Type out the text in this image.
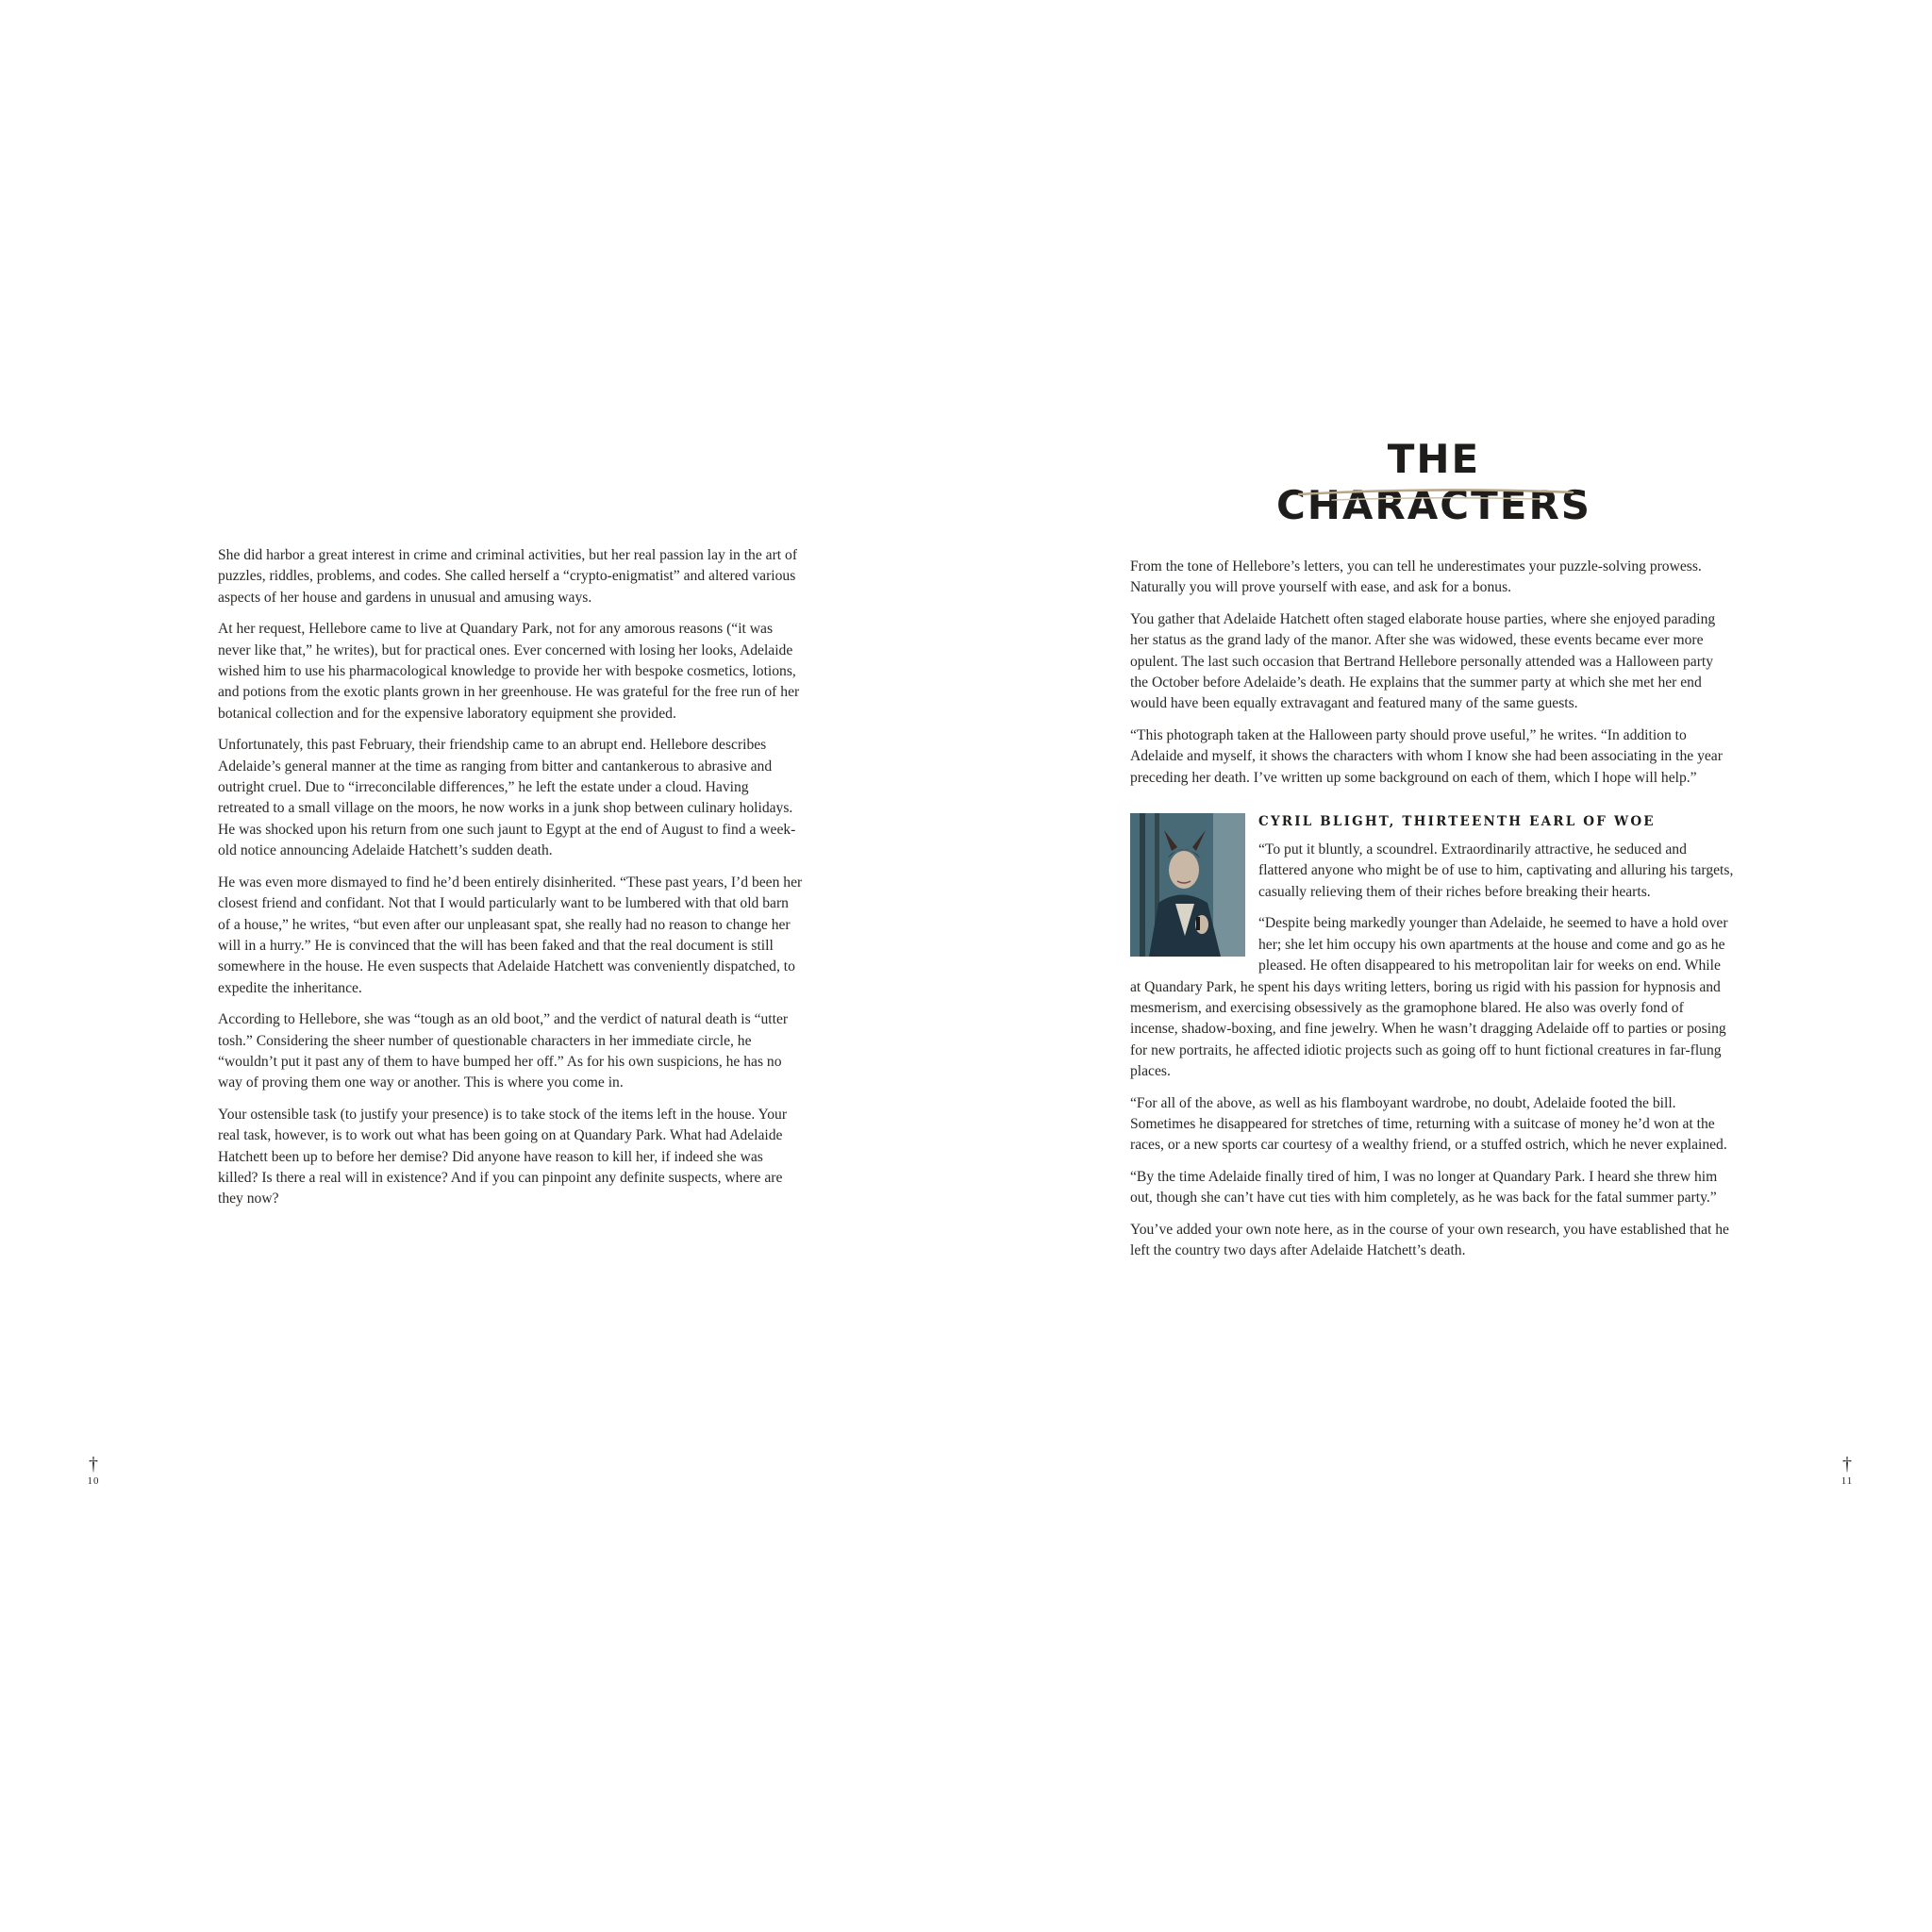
She did harbor a great interest in crime and criminal activities, but her real passion lay in the art of puzzles, riddles, problems, and codes. She called herself a “crypto-enigmatist” and altered various aspects of her house and gardens in unusual and amusing ways.

At her request, Hellebore came to live at Quandary Park, not for any amorous reasons (“it was never like that,” he writes), but for practical ones. Ever concerned with losing her looks, Adelaide wished him to use his pharmacological knowledge to provide her with bespoke cosmetics, lotions, and potions from the exotic plants grown in her greenhouse. He was grateful for the free run of her botanical collection and for the expensive laboratory equipment she provided.

Unfortunately, this past February, their friendship came to an abrupt end. Hellebore describes Adelaide’s general manner at the time as ranging from bitter and cantankerous to abrasive and outright cruel. Due to “irreconcilable differences,” he left the estate under a cloud. Having retreated to a small village on the moors, he now works in a junk shop between culinary holidays. He was shocked upon his return from one such jaunt to Egypt at the end of August to find a week-old notice announcing Adelaide Hatchett’s sudden death.

He was even more dismayed to find he’d been entirely disinherited. “These past years, I’d been her closest friend and confidant. Not that I would particularly want to be lumbered with that old barn of a house,” he writes, “but even after our unpleasant spat, she really had no reason to change her will in a hurry.” He is convinced that the will has been faked and that the real document is still somewhere in the house. He even suspects that Adelaide Hatchett was conveniently dispatched, to expedite the inheritance.

According to Hellebore, she was “tough as an old boot,” and the verdict of natural death is “utter tosh.” Considering the sheer number of questionable characters in her immediate circle, he “wouldn’t put it past any of them to have bumped her off.” As for his own suspicions, he has no way of proving them one way or another. This is where you come in.

Your ostensible task (to justify your presence) is to take stock of the items left in the house. Your real task, however, is to work out what has been going on at Quandary Park. What had Adelaide Hatchett been up to before her demise? Did anyone have reason to kill her, if indeed she was killed? Is there a real will in existence? And if you can pinpoint any definite suspects, where are they now?

THE CHARACTERS

From the tone of Hellebore’s letters, you can tell he underestimates your puzzle-solving prowess. Naturally you will prove yourself with ease, and ask for a bonus.

You gather that Adelaide Hatchett often staged elaborate house parties, where she enjoyed parading her status as the grand lady of the manor. After she was widowed, these events became ever more opulent. The last such occasion that Bertrand Hellebore personally attended was a Halloween party the October before Adelaide’s death. He explains that the summer party at which she met her end would have been equally extravagant and featured many of the same guests.

“This photograph taken at the Halloween party should prove useful,” he writes. “In addition to Adelaide and myself, it shows the characters with whom I know she had been associating in the year preceding her death. I’ve written up some background on each of them, which I hope will help.”

CYRIL BLIGHT, THIRTEENTH EARL OF WOE

“To put it bluntly, a scoundrel. Extraordinarily attractive, he seduced and flattered anyone who might be of use to him, captivating and alluring his targets, casually relieving them of their riches before breaking their hearts.

“Despite being markedly younger than Adelaide, he seemed to have a hold over her; she let him occupy his own apartments at the house and come and go as he pleased. He often disappeared to his metropolitan lair for weeks on end. While at Quandary Park, he spent his days writing letters, boring us rigid with his passion for hypnosis and mesmerism, and exercising obsessively as the gramophone blared. He also was overly fond of incense, shadow-boxing, and fine jewelry. When he wasn’t dragging Adelaide off to parties or posing for new portraits, he affected idiotic projects such as going off to hunt fictional creatures in far-flung places.

“For all of the above, as well as his flamboyant wardrobe, no doubt, Adelaide footed the bill. Sometimes he disappeared for stretches of time, returning with a suitcase of money he’d won at the races, or a new sports car courtesy of a wealthy friend, or a stuffed ostrich, which he never explained.

“By the time Adelaide finally tired of him, I was no longer at Quandary Park. I heard she threw him out, though she can’t have cut ties with him completely, as he was back for the fatal summer party.”

You’ve added your own note here, as in the course of your own research, you have established that he left the country two days after Adelaide Hatchett’s death.

†
10
†
11
